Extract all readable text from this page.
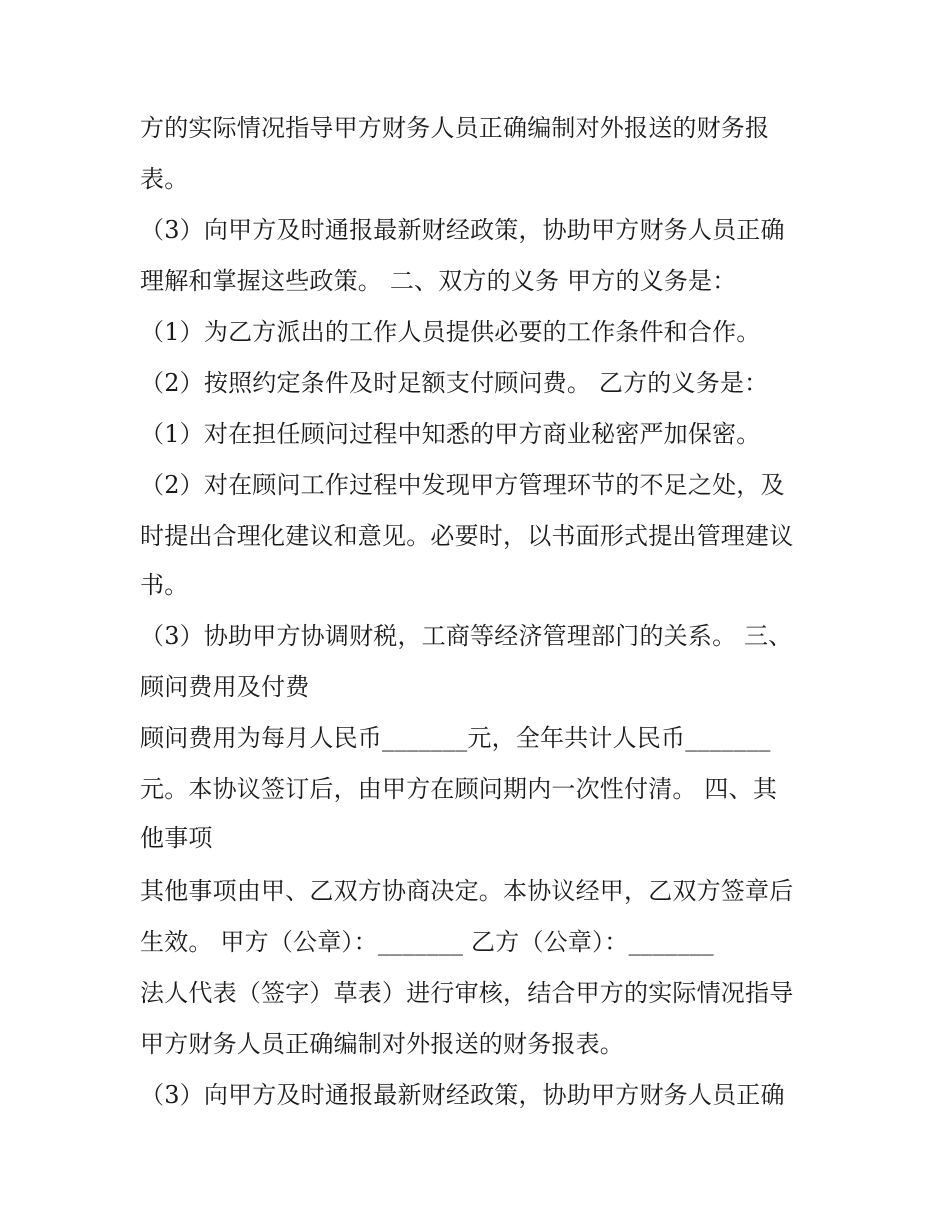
方的实际情况指导甲方财务人员正确编制对外报送的财务报
表。
（3）向甲方及时通报最新财经政策，协助甲方财务人员正确
理解和掌握这些政策。 二、双方的义务 甲方的义务是：
（1）为乙方派出的工作人员提供必要的工作条件和合作。
（2）按照约定条件及时足额支付顾问费。 乙方的义务是：
（1）对在担任顾问过程中知悉的甲方商业秘密严加保密。
（2）对在顾问工作过程中发现甲方管理环节的不足之处，及
时提出合理化建议和意见。必要时，以书面形式提出管理建议
书。
（3）协助甲方协调财税，工商等经济管理部门的关系。 三、
顾问费用及付费
顾问费用为每月人民币_______元，全年共计人民币_______
元。本协议签订后，由甲方在顾问期内一次性付清。 四、其
他事项
其他事项由甲、乙双方协商决定。本协议经甲，乙双方签章后
生效。 甲方（公章）：_______ 乙方（公章）：_______
法人代表（签字）草表）进行审核，结合甲方的实际情况指导
甲方财务人员正确编制对外报送的财务报表。
（3）向甲方及时通报最新财经政策，协助甲方财务人员正确
